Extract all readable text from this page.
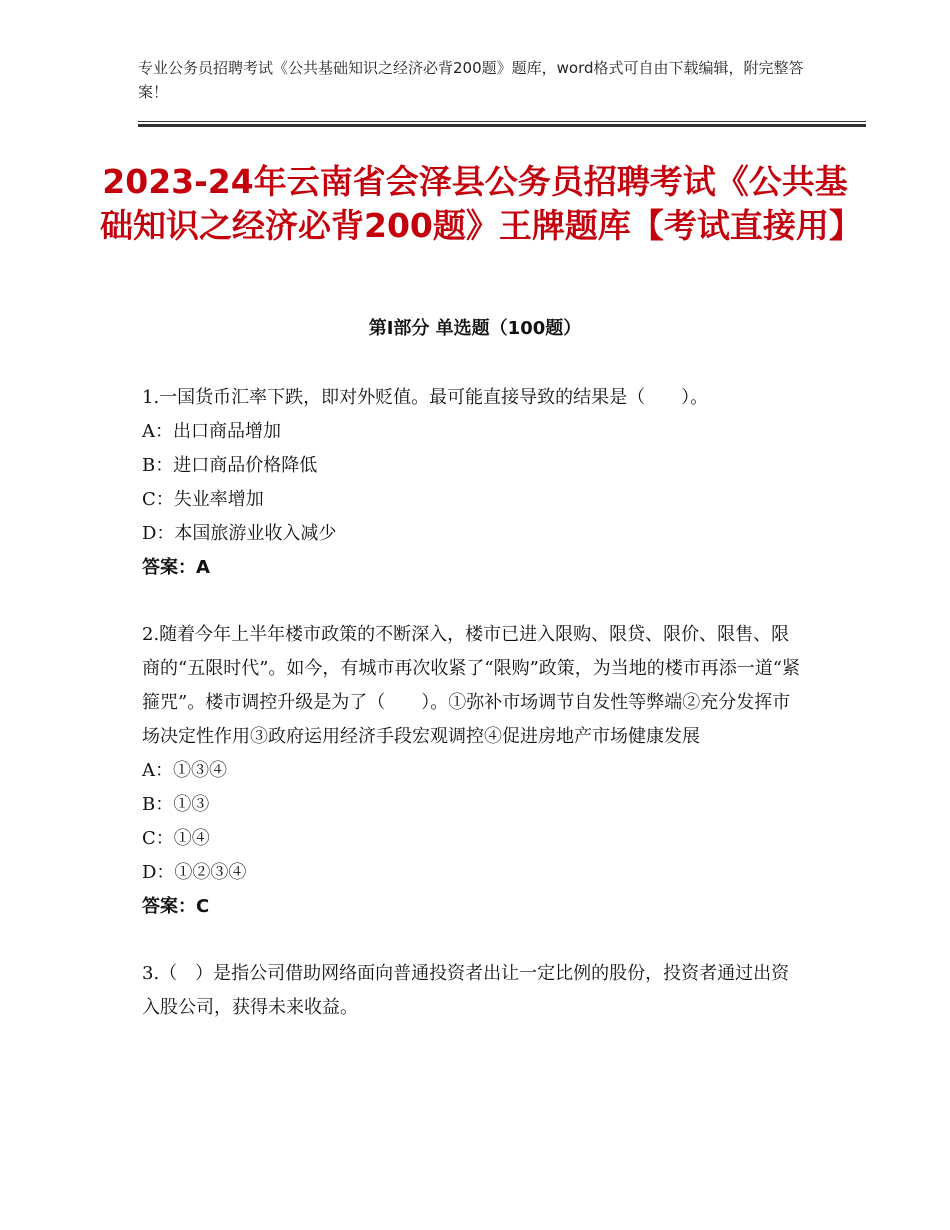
专业公务员招聘考试《公共基础知识之经济必背200题》题库，word格式可自由下载编辑，附完整答案！
2023-24年云南省会泽县公务员招聘考试《公共基础知识之经济必背200题》王牌题库【考试直接用】
第I部分 单选题（100题）

1.一国货币汇率下跌，即对外贬值。最可能直接导致的结果是（　　）。

A：出口商品增加

B：进口商品价格降低

C：失业率增加

D：本国旅游业收入减少

答案：A

2.随着今年上半年楼市政策的不断深入，楼市已进入限购、限贷、限价、限售、限商的“五限时代”。如今，有城市再次收紧了“限购”政策，为当地的楼市再添一道“紧箍咒”。楼市调控升级是为了（　　）。①弥补市场调节自发性等弊端②充分发挥市场决定性作用③政府运用经济手段宏观调控④促进房地产市场健康发展

A：①③④

B：①③

C：①④

D：①②③④

答案：C

3.（　）是指公司借助网络面向普通投资者出让一定比例的股份，投资者通过出资入股公司，获得未来收益。
